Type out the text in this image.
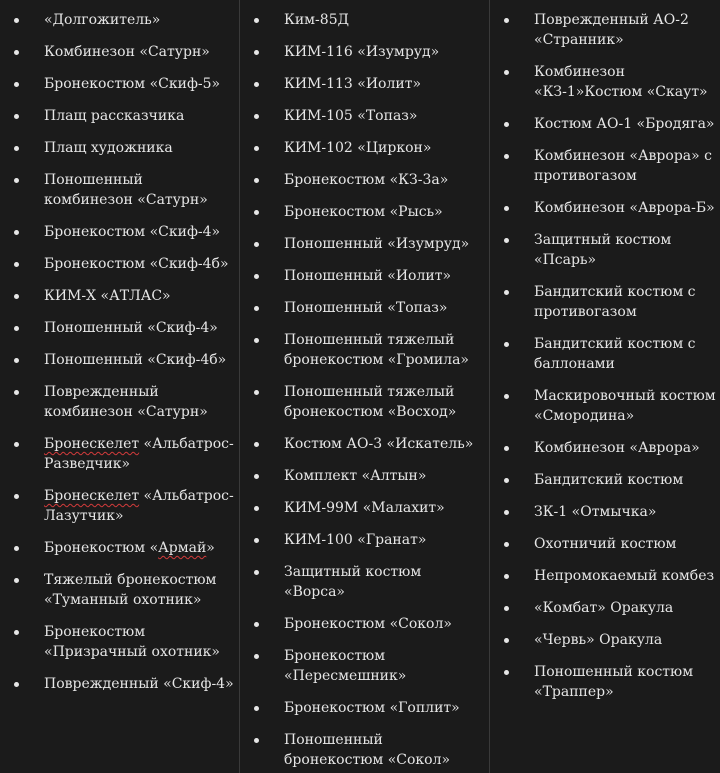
«Долгожитель»
Комбинезон «Сатурн»
Бронекостюм «Скиф-5»
Плащ рассказчика
Плащ художника
Поношенный комбинезон «Сатурн»
Бронекостюм «Скиф-4»
Бронекостюм «Скиф-4б»
КИМ-Х «АТЛАС»
Поношенный «Скиф-4»
Поношенный «Скиф-4б»
Поврежденный комбинезон «Сатурн»
Бронескелет «Альбатрос-Разведчик»
Бронескелет «Альбатрос-Лазутчик»
Бронекостюм «Армай»
Тяжелый бронекостюм «Туманный охотник»
Бронекостюм «Призрачный охотник»
Поврежденный «Скиф-4»
Ким-85Д
КИМ-116 «Изумруд»
КИМ-113 «Иолит»
КИМ-105 «Топаз»
КИМ-102 «Циркон»
Бронекостюм «КЗ-3а»
Бронекостюм «Рысь»
Поношенный «Изумруд»
Поношенный «Иолит»
Поношенный «Топаз»
Поношенный тяжелый бронекостюм «Громила»
Поношенный тяжелый бронекостюм «Восход»
Костюм АО-3 «Искатель»
Комплект «Алтын»
КИМ-99М «Малахит»
КИМ-100 «Гранат»
Защитный костюм «Ворса»
Бронекостюм «Сокол»
Бронекостюм «Пересмешник»
Бронекостюм «Гоплит»
Поношенный бронекостюм «Сокол»
Поврежденный АО-2 «Странник»
Комбинезон «КЗ-1»Костюм «Скаут»
Костюм АО-1 «Бродяга»
Комбинезон «Аврора» с противогазом
Комбинезон «Аврора-Б»
Защитный костюм «Псарь»
Бандитский костюм с противогазом
Бандитский костюм с баллонами
Маскировочный костюм «Смородина»
Комбинезон «Аврора»
Бандитский костюм
ЗК-1 «Отмычка»
Охотничий костюм
Непромокаемый комбез
«Комбат» Оракула
«Червь» Оракула
Поношенный костюм «Траппер»
